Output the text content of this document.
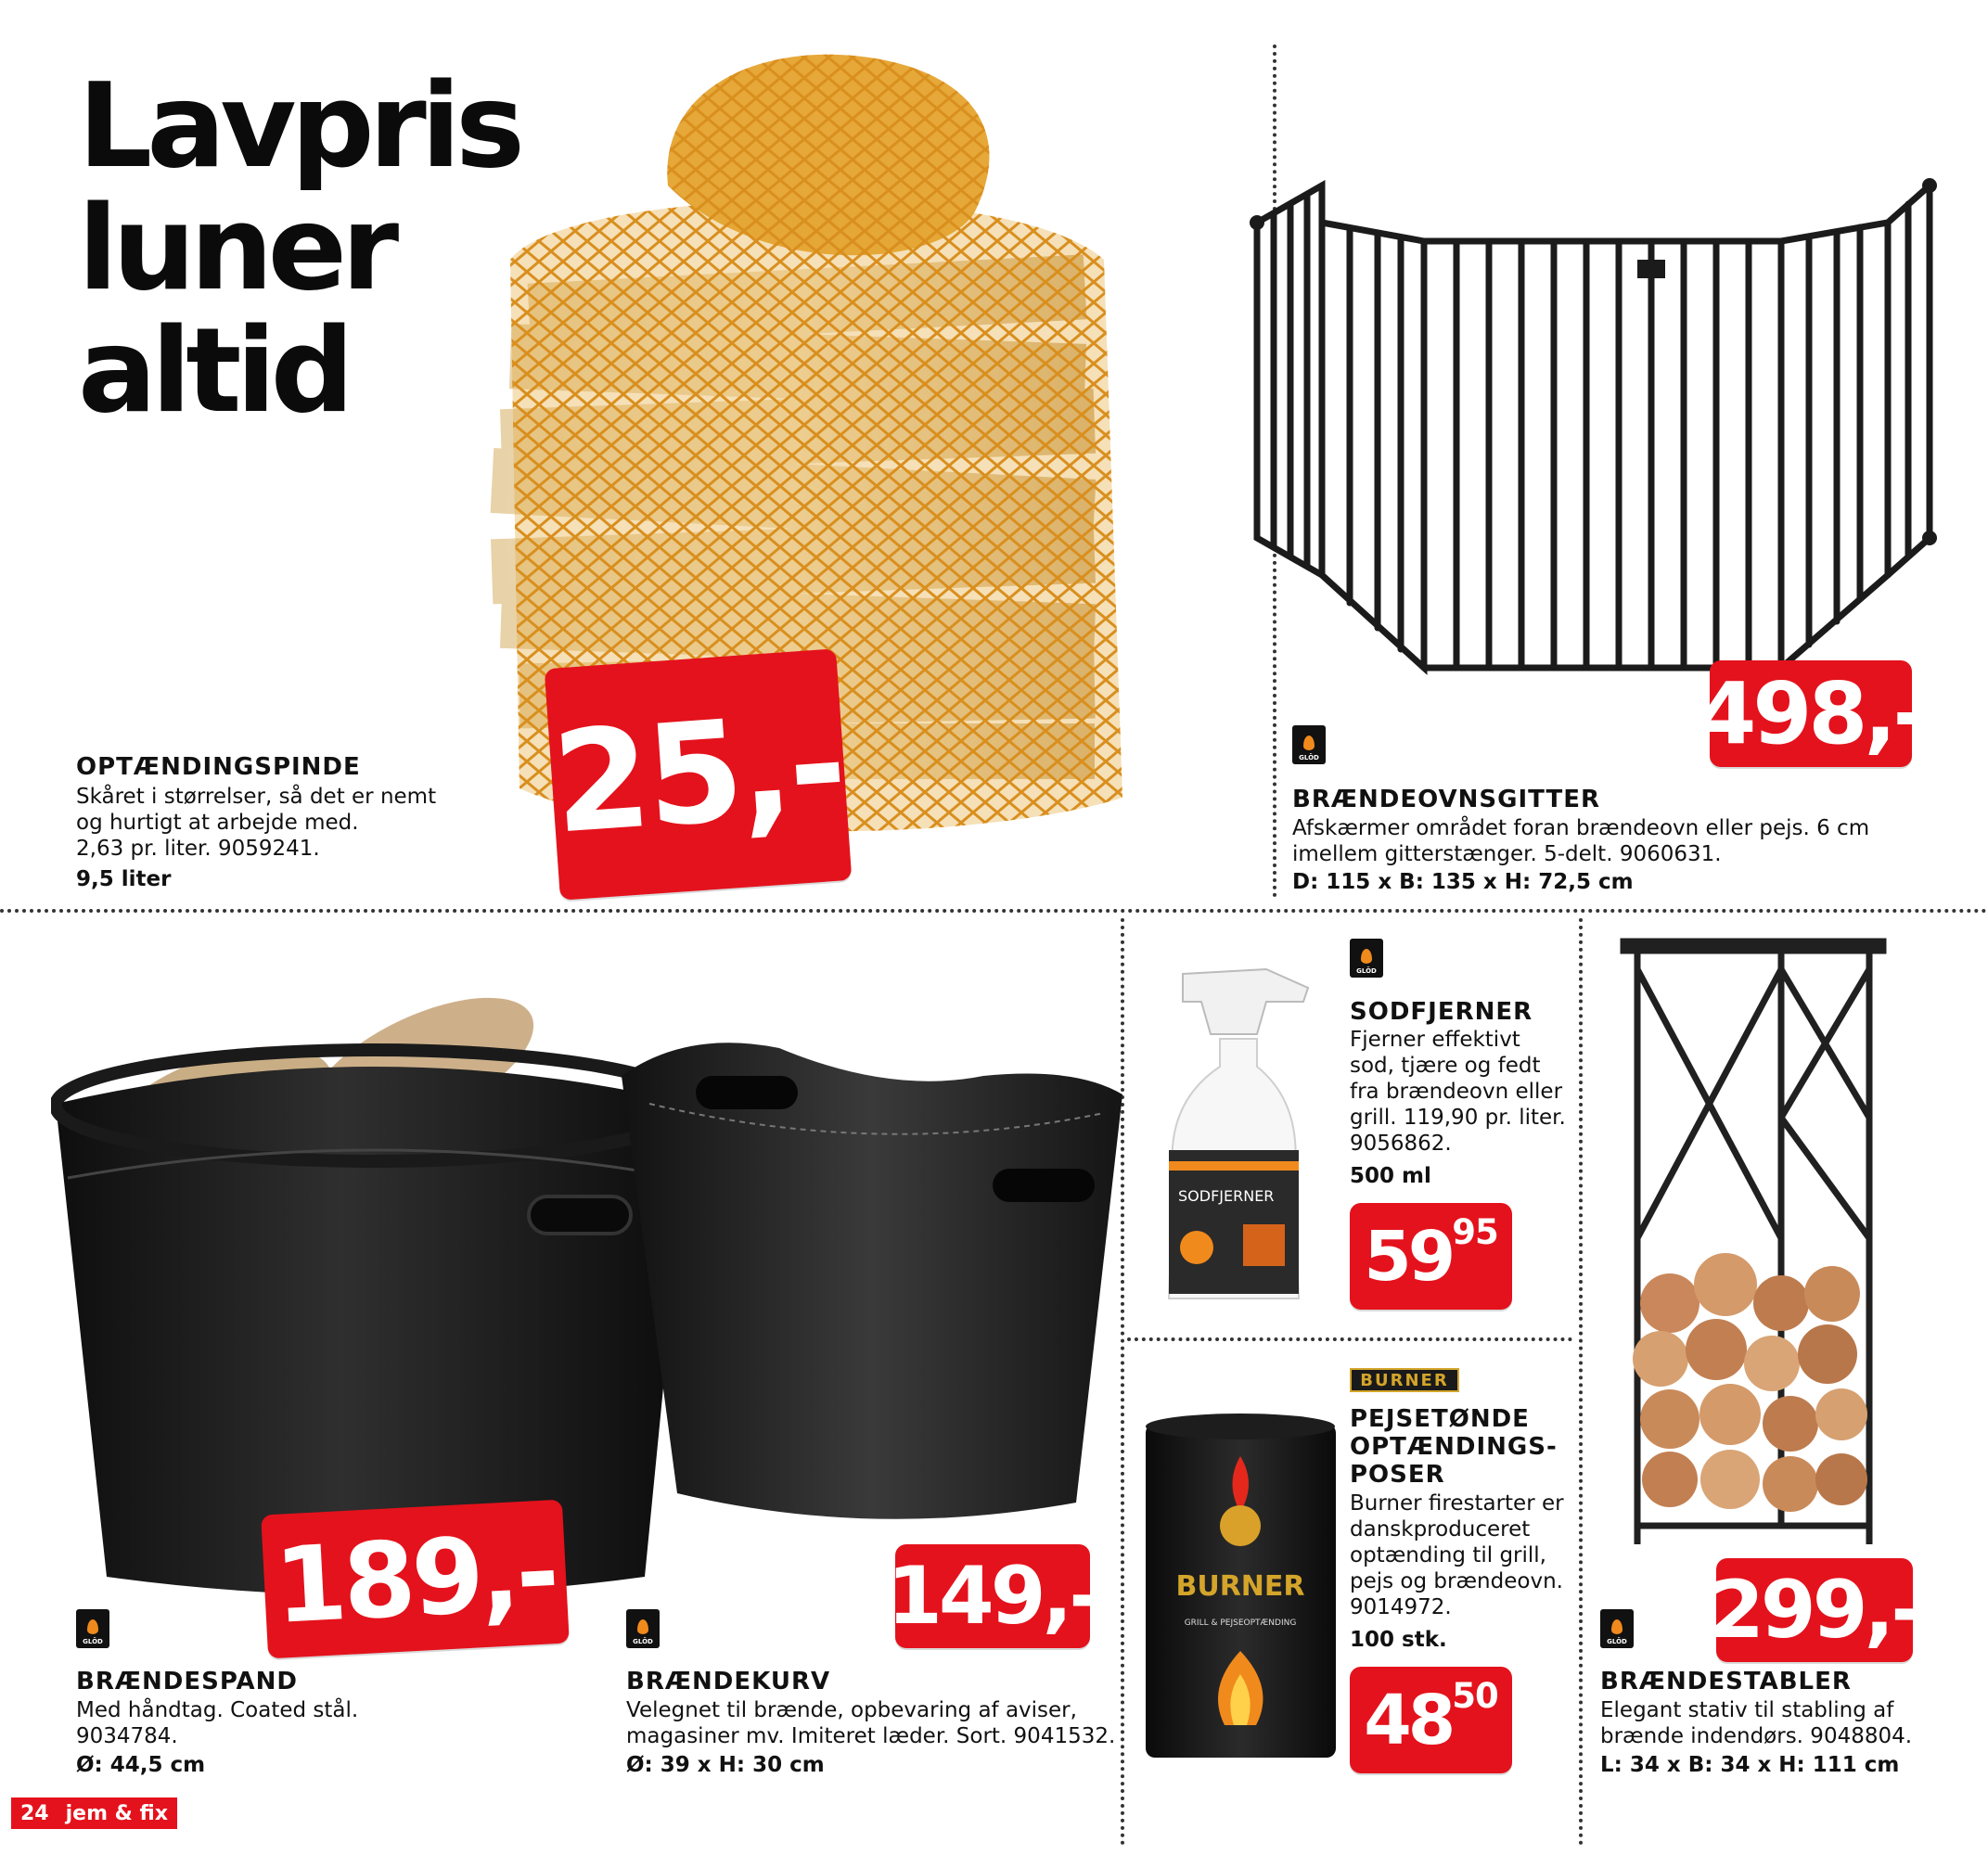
Lavpris
luner
altid
SODFJERNER
BURNER
GRILL & PEJSEOPTÆNDING
25,-
OPTÆNDINGSPINDE
Skåret i størrelser, så det er nemt
og hurtigt at arbejde med.
2,63 pr. liter. 9059241.
9,5 liter
498,-
GLÖD
BRÆNDEOVNSGITTER
Afskærmer området foran brændeovn eller pejs. 6 cm
imellem gitterstænger. 5-delt. 9060631.
D: 115 x B: 135 x H: 72,5 cm
GLÖD
SODFJERNER
Fjerner effektivt
sod, tjære og fedt
fra brændeovn eller
grill. 119,90 pr. liter.
9056862.
500 ml
59 95
BURNER
PEJSETØNDE
OPTÆNDINGS-
POSER
Burner firestarter er
danskproduceret
optænding til grill,
pejs og brændeovn.
9014972.
100 stk.
48 50
189,-
GLÖD
BRÆNDESPAND
Med håndtag. Coated stål.
9034784.
Ø: 44,5 cm
149,-
GLÖD
BRÆNDEKURV
Velegnet til brænde, opbevaring af aviser,
magasiner mv. Imiteret læder. Sort. 9041532.
Ø: 39 x H: 30 cm
299,-
GLÖD
BRÆNDESTABLER
Elegant stativ til stabling af
brænde indendørs. 9048804.
L: 34 x B: 34 x H: 111 cm
24 jem & fix
